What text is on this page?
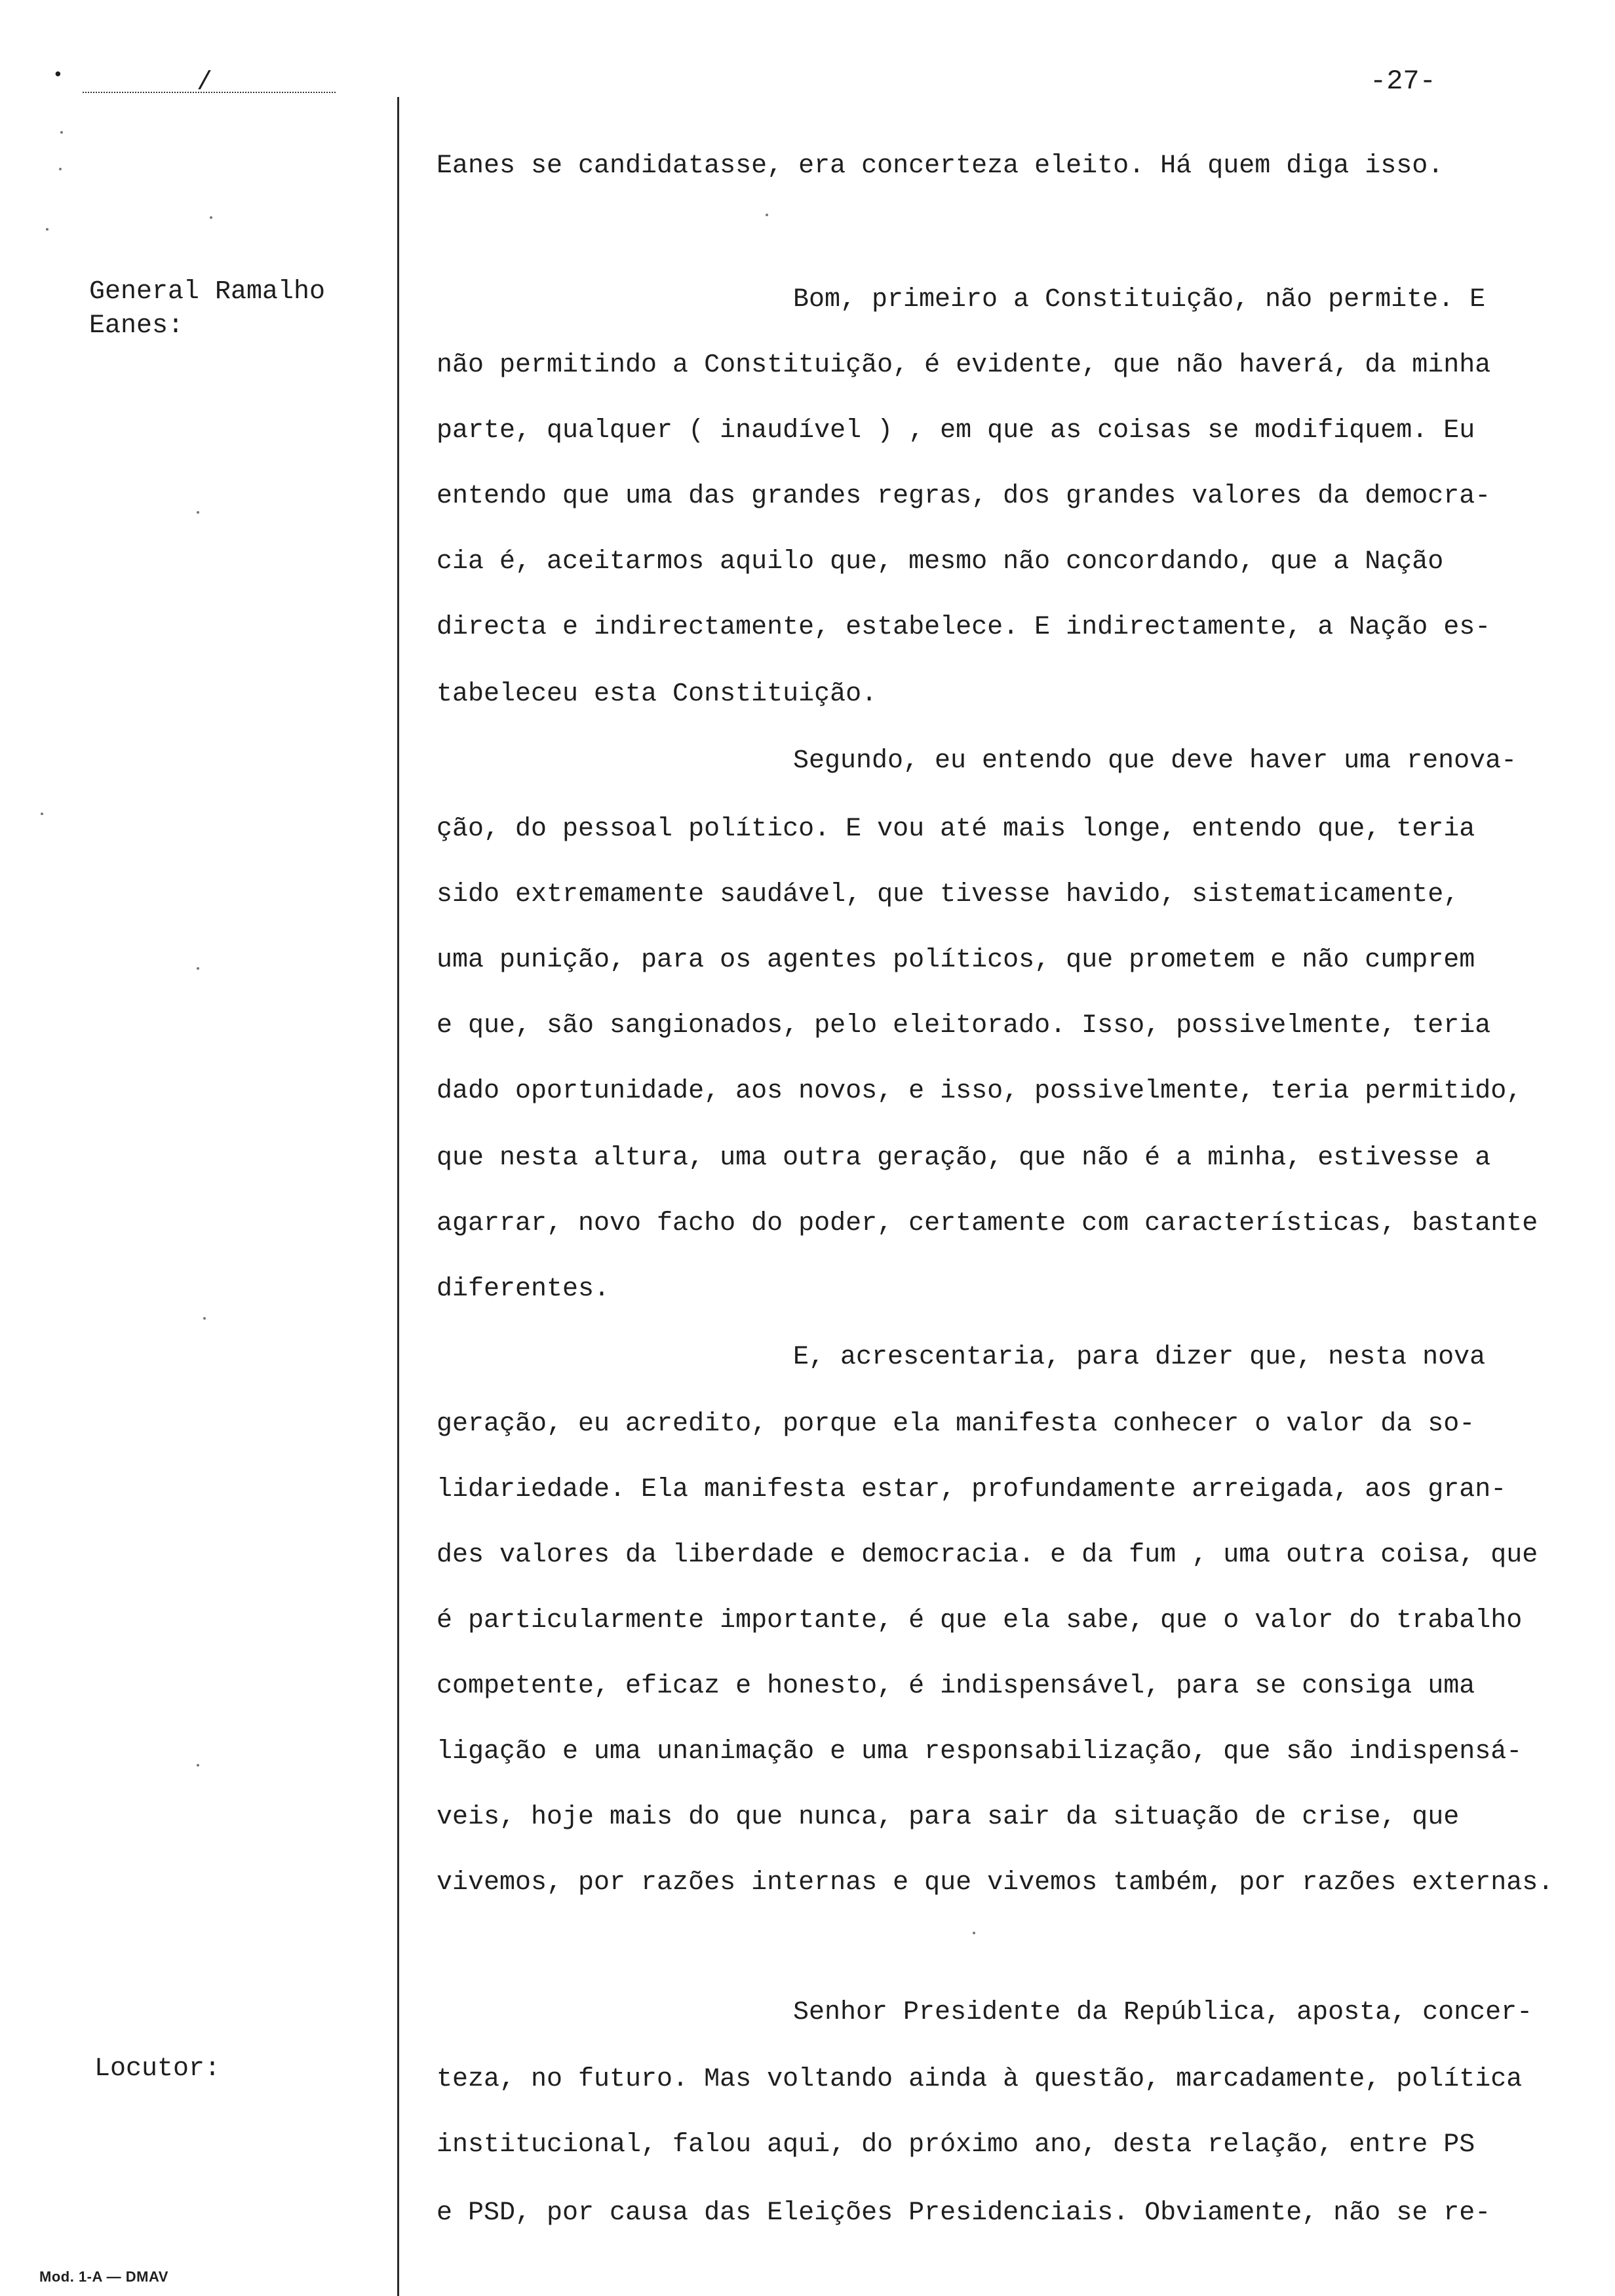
•	/	-27-
General Ramalho
Eanes:
Locutor:
Eanes se candidatasse, era concerteza eleito. Há quem diga isso.
Bom, primeiro a Constituição, não permite. E
não permitindo a Constituição, é evidente, que não haverá, da minha
parte, qualquer ( inaudível ) , em que as coisas se modifiquem. Eu
entendo que uma das grandes regras, dos grandes valores da democra-
cia é, aceitarmos aquilo que, mesmo não concordando, que a Nação
directa e indirectamente, estabelece. E indirectamente, a Nação es-
tabeleceu esta Constituição.
Segundo, eu entendo que deve haver uma renova-
ção, do pessoal político. E vou até mais longe, entendo que, teria
sido extremamente saudável, que tivesse havido, sistematicamente,
uma punição, para os agentes políticos, que prometem e não cumprem
e que, são sangionados, pelo eleitorado. Isso, possivelmente, teria
dado oportunidade, aos novos, e isso, possivelmente, teria permitido,
que nesta altura, uma outra geração, que não é a minha, estivesse a
agarrar, novo facho do poder, certamente com características, bastante
diferentes.
E, acrescentaria, para dizer que, nesta nova
geração, eu acredito, porque ela manifesta conhecer o valor da so-
lidariedade. Ela manifesta estar, profundamente arreigada, aos gran-
des valores da liberdade e democracia. e da fum , uma outra coisa, que
é particularmente importante, é que ela sabe, que o valor do trabalho
competente, eficaz e honesto, é indispensável, para se consiga uma
ligação e uma unanimação e uma responsabilização, que são indispensá-
veis, hoje mais do que nunca, para sair da situação de crise, que
vivemos, por razões internas e que vivemos também, por razões externas.
Senhor Presidente da República, aposta, concer-
teza, no futuro. Mas voltando ainda à questão, marcadamente, política
institucional, falou aqui, do próximo ano, desta relação, entre PS
e PSD, por causa das Eleições Presidenciais. Obviamente, não se re-
Mod. 1-A — DMAV
